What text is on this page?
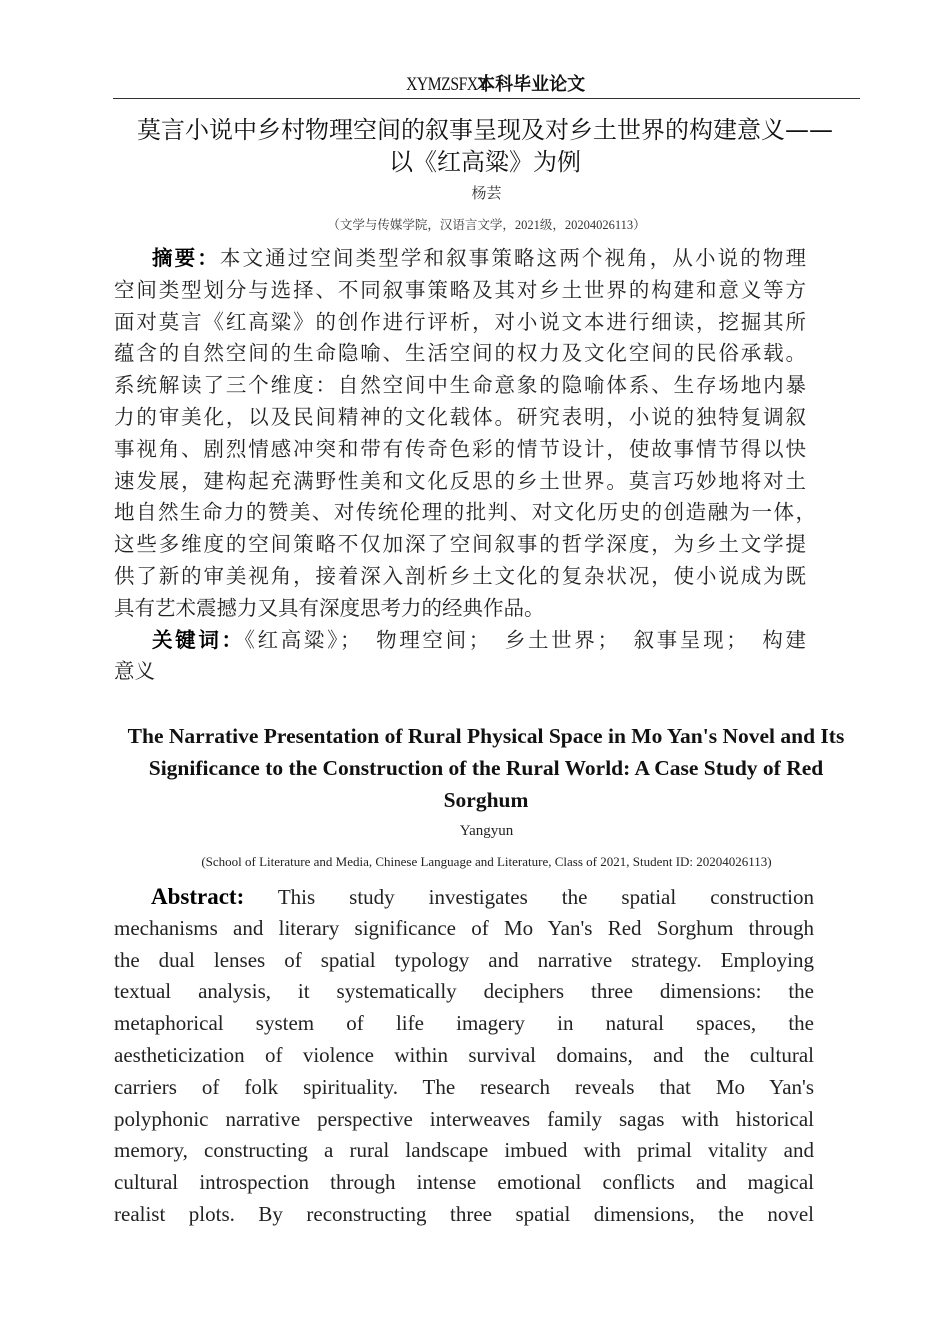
XYMZSFXY 本科毕业论文
莫言小说中乡村物理空间的叙事呈现及对乡土世界的构建意义——
以《红高粱》为例
杨芸
（文学与传媒学院，汉语言文学，2021级，20204026113）
摘要：本文通过空间类型学和叙事策略这两个视角，从小说的物理
空间类型划分与选择、不同叙事策略及其对乡土世界的构建和意义等方
面对莫言《红高粱》的创作进行评析，对小说文本进行细读，挖掘其所
蕴含的自然空间的生命隐喻、生活空间的权力及文化空间的民俗承载。
系统解读了三个维度：自然空间中生命意象的隐喻体系、生存场地内暴
力的审美化，以及民间精神的文化载体。研究表明，小说的独特复调叙
事视角、剧烈情感冲突和带有传奇色彩的情节设计，使故事情节得以快
速发展，建构起充满野性美和文化反思的乡土世界。莫言巧妙地将对土
地自然生命力的赞美、对传统伦理的批判、对文化历史的创造融为一体，
这些多维度的空间策略不仅加深了空间叙事的哲学深度，为乡土文学提
供了新的审美视角，接着深入剖析乡土文化的复杂状况，使小说成为既
具有艺术震撼力又具有深度思考力的经典作品。
关键词：《红高粱》；　物理空间；　乡土世界；　叙事呈现；　构建
意义
The Narrative Presentation of Rural Physical Space in Mo Yan's Novel and Its
Significance to the Construction of the Rural World: A Case Study of Red
Sorghum
Yangyun
(School of Literature and Media, Chinese Language and Literature, Class of 2021, Student ID: 20204026113)
Abstract: This study investigates the spatial construction
mechanisms and literary significance of Mo Yan's Red Sorghum through
the dual lenses of spatial typology and narrative strategy. Employing
textual analysis, it systematically deciphers three dimensions: the
metaphorical system of life imagery in natural spaces, the
aestheticization of violence within survival domains, and the cultural
carriers of folk spirituality. The research reveals that Mo Yan's
polyphonic narrative perspective interweaves family sagas with historical
memory, constructing a rural landscape imbued with primal vitality and
cultural introspection through intense emotional conflicts and magical
realist plots. By reconstructing three spatial dimensions, the novel
